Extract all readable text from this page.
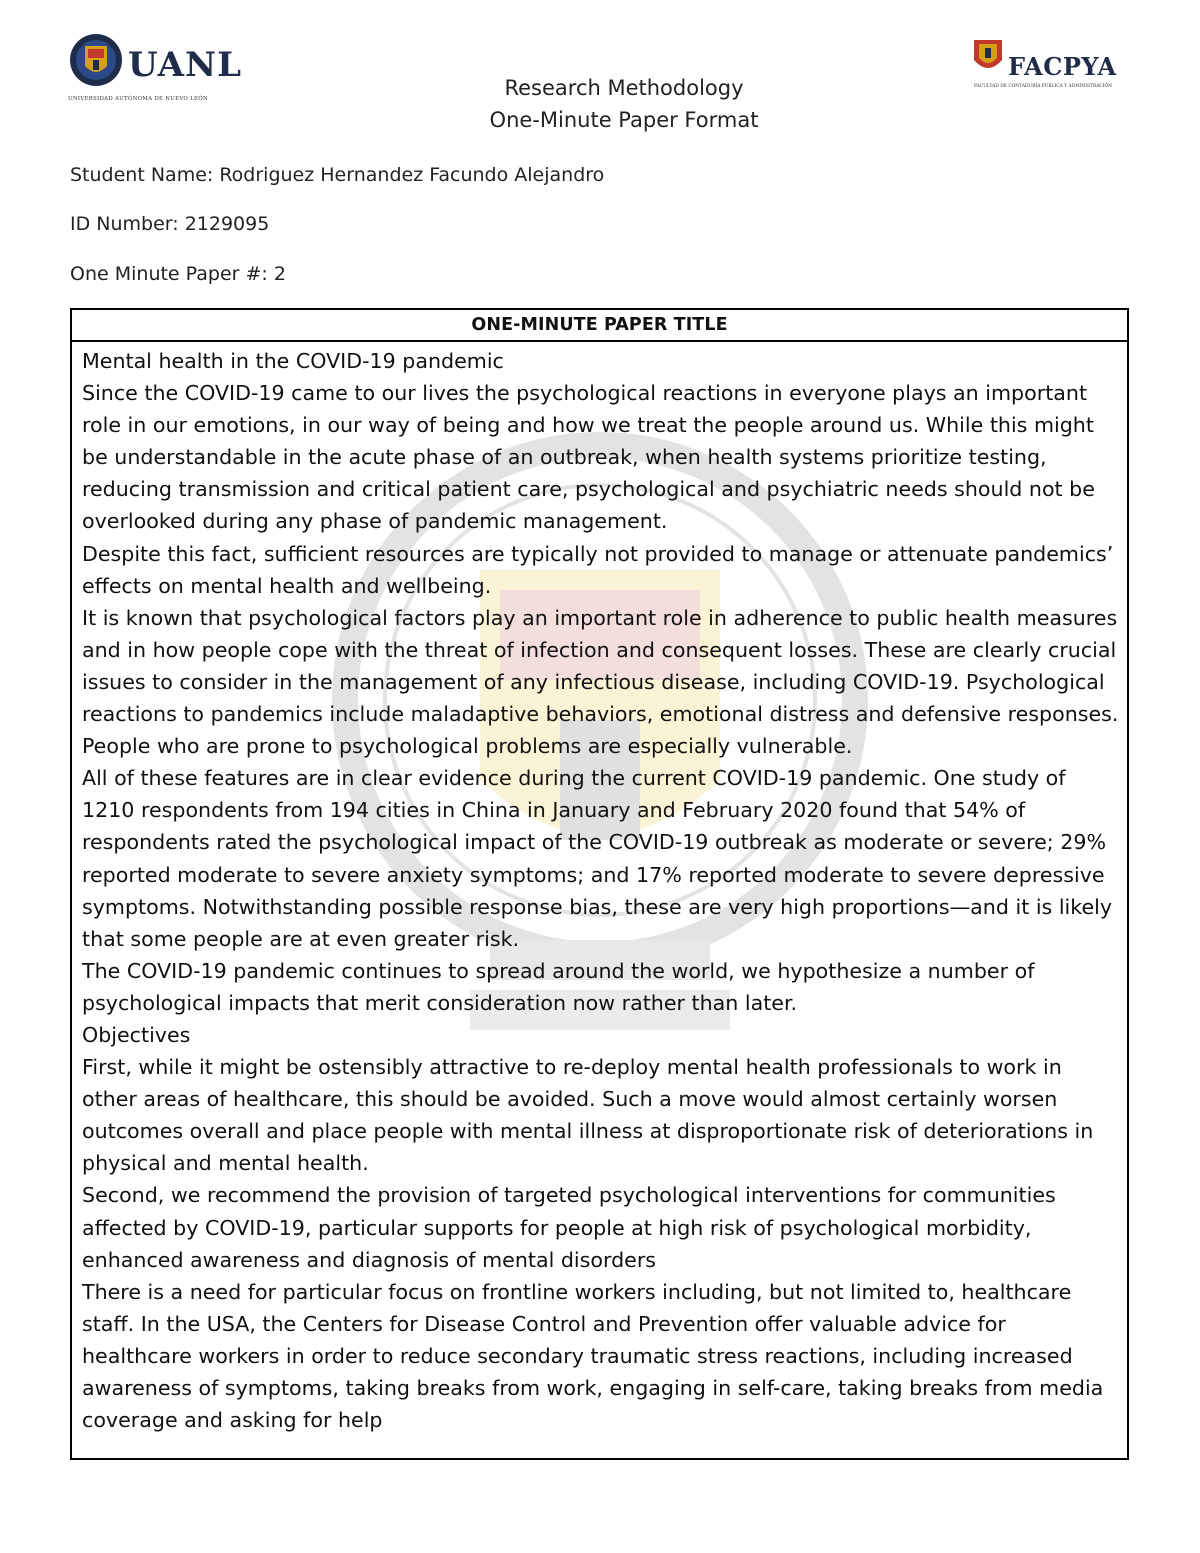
UANL
UNIVERSIDAD AUTÓNOMA DE NUEVO LEÓN
FACPYA
FACULTAD DE CONTADURÍA PÚBLICA Y ADMINISTRACIÓN
Research Methodology
One-Minute Paper Format
Student Name: Rodriguez Hernandez Facundo Alejandro
ID Number: 2129095
One Minute Paper #: 2
ONE-MINUTE PAPER TITLE

Mental health in the COVID-19 pandemic

Since the COVID-19 came to our lives the psychological reactions in everyone plays an important role in our emotions, in our way of being and how we treat the people around us. While this might be understandable in the acute phase of an outbreak, when health systems prioritize testing, reducing transmission and critical patient care, psychological and psychiatric needs should not be overlooked during any phase of pandemic management.

Despite this fact, sufficient resources are typically not provided to manage or attenuate pandemics’ effects on mental health and wellbeing.

It is known that psychological factors play an important role in adherence to public health measures and in how people cope with the threat of infection and consequent losses. These are clearly crucial issues to consider in the management of any infectious disease, including COVID-19. Psychological reactions to pandemics include maladaptive behaviors, emotional distress and defensive responses. People who are prone to psychological problems are especially vulnerable.

All of these features are in clear evidence during the current COVID-19 pandemic. One study of 1210 respondents from 194 cities in China in January and February 2020 found that 54% of respondents rated the psychological impact of the COVID-19 outbreak as moderate or severe; 29% reported moderate to severe anxiety symptoms; and 17% reported moderate to severe depressive symptoms. Notwithstanding possible response bias, these are very high proportions—and it is likely that some people are at even greater risk.

The COVID-19 pandemic continues to spread around the world, we hypothesize a number of psychological impacts that merit consideration now rather than later.

Objectives

First, while it might be ostensibly attractive to re-deploy mental health professionals to work in other areas of healthcare, this should be avoided. Such a move would almost certainly worsen outcomes overall and place people with mental illness at disproportionate risk of deteriorations in physical and mental health.

Second, we recommend the provision of targeted psychological interventions for communities affected by COVID-19, particular supports for people at high risk of psychological morbidity, enhanced awareness and diagnosis of mental disorders

There is a need for particular focus on frontline workers including, but not limited to, healthcare staff. In the USA, the Centers for Disease Control and Prevention offer valuable advice for healthcare workers in order to reduce secondary traumatic stress reactions, including increased awareness of symptoms, taking breaks from work, engaging in self-care, taking breaks from media coverage and asking for help
